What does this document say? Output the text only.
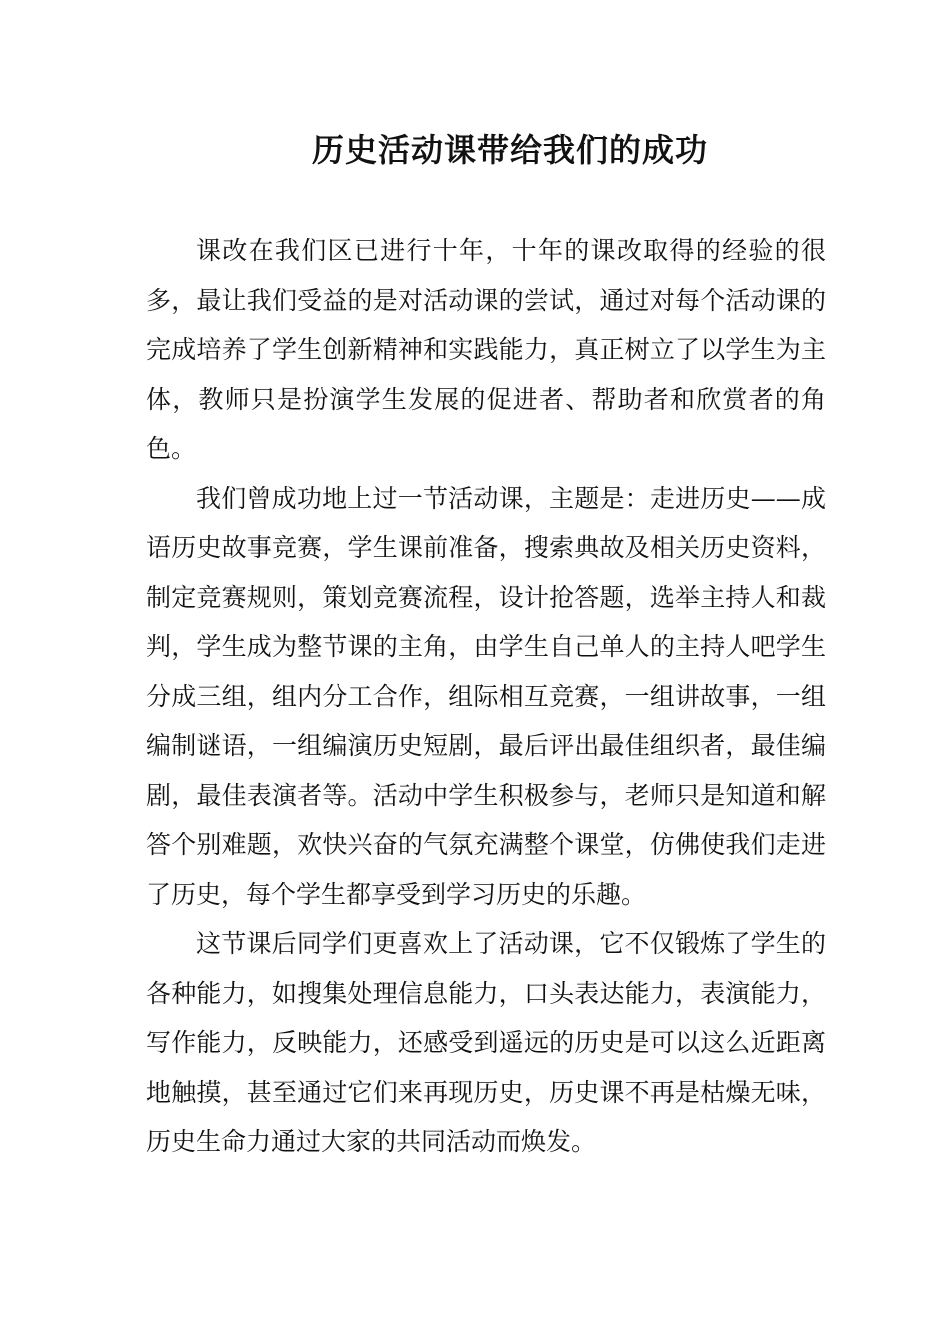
历史活动课带给我们的成功

课改在我们区已进行十年，十年的课改取得的经验的很多，最让我们受益的是对活动课的尝试，通过对每个活动课的完成培养了学生创新精神和实践能力，真正树立了以学生为主体，教师只是扮演学生发展的促进者、帮助者和欣赏者的角色。

我们曾成功地上过一节活动课，主题是：走进历史——成语历史故事竞赛，学生课前准备，搜索典故及相关历史资料，制定竞赛规则，策划竞赛流程，设计抢答题，选举主持人和裁判，学生成为整节课的主角，由学生自己单人的主持人吧学生分成三组，组内分工合作，组际相互竞赛，一组讲故事，一组编制谜语，一组编演历史短剧，最后评出最佳组织者，最佳编剧，最佳表演者等。活动中学生积极参与，老师只是知道和解答个别难题，欢快兴奋的气氛充满整个课堂，仿佛使我们走进了历史，每个学生都享受到学习历史的乐趣。

这节课后同学们更喜欢上了活动课，它不仅锻炼了学生的各种能力，如搜集处理信息能力，口头表达能力，表演能力，写作能力，反映能力，还感受到遥远的历史是可以这么近距离地触摸，甚至通过它们来再现历史，历史课不再是枯燥无味，历史生命力通过大家的共同活动而焕发。
